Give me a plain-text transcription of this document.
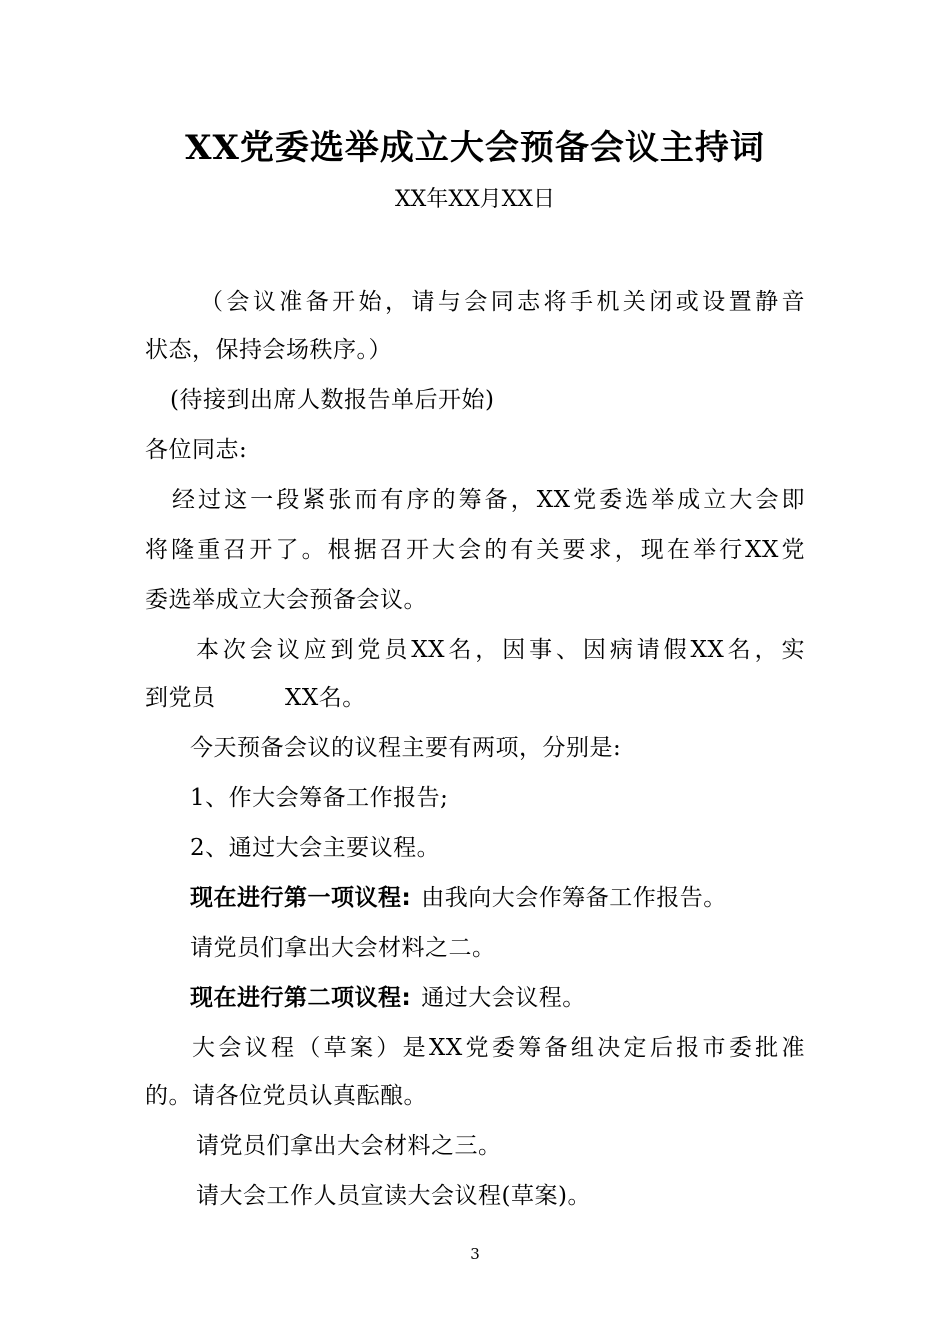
XX党委选举成立大会预备会议主持词
XX年XX月XX日
（会议准备开始，请与会同志将手机关闭或设置静音
状态，保持会场秩序。）
(待接到出席人数报告单后开始)
各位同志:
经过这一段紧张而有序的筹备，XX党委选举成立大会即
将隆重召开了。根据召开大会的有关要求，现在举行XX党
委选举成立大会预备会议。
本次会议应到党员XX名，因事、因病请假XX名，实
到党员	XX名。
今天预备会议的议程主要有两项，分别是:
1、作大会筹备工作报告;
2、通过大会主要议程。
现在进行第一项议程: 由我向大会作筹备工作报告。
请党员们拿出大会材料之二。
现在进行第二项议程: 通过大会议程。
大会议程（草案）是XX党委筹备组决定后报市委批准
的。请各位党员认真酝酿。
请党员们拿出大会材料之三。
请大会工作人员宣读大会议程(草案)。
3
